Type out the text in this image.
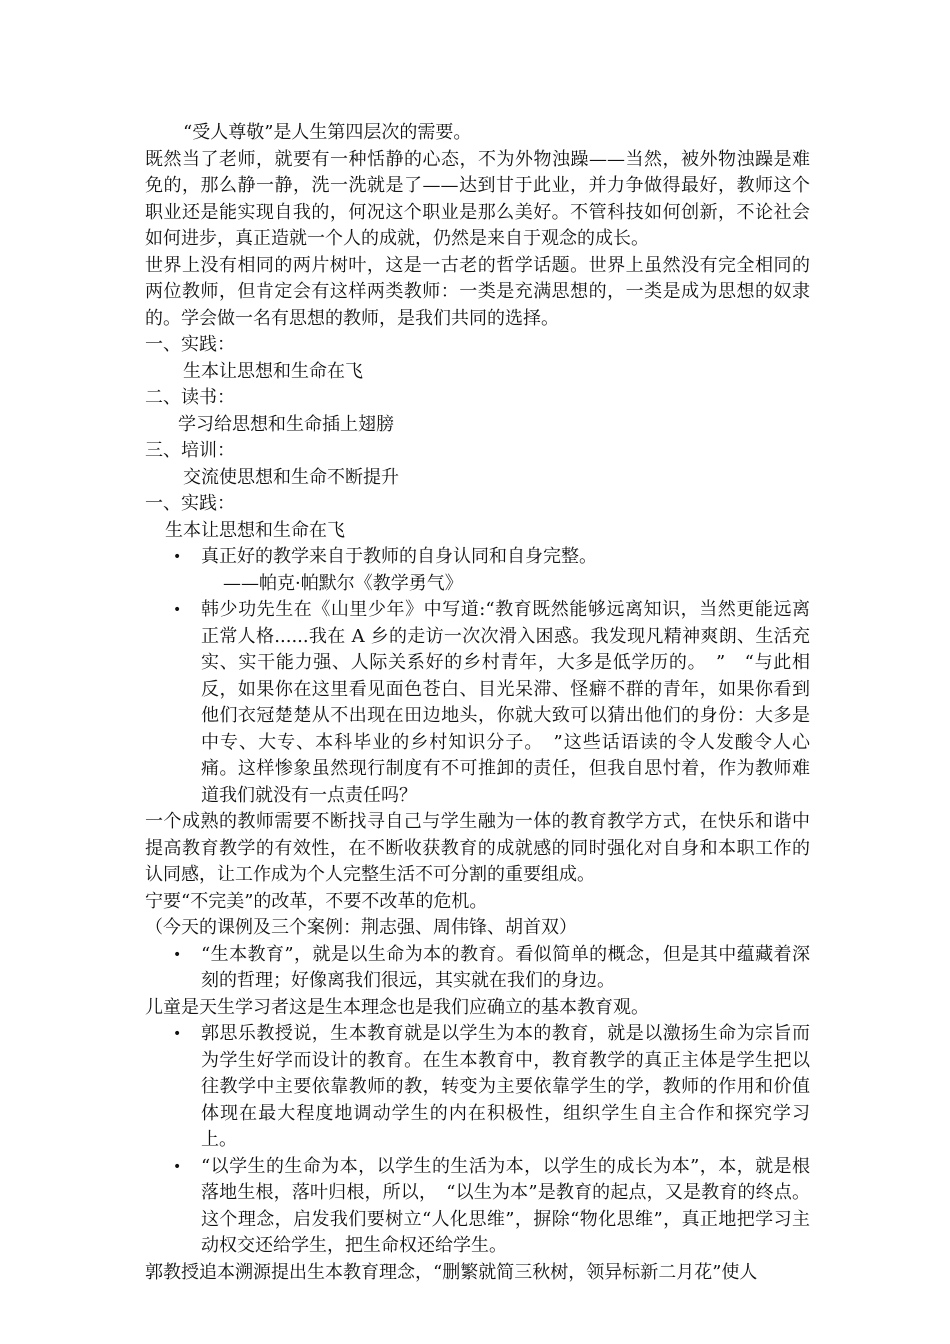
“受人尊敬”是人生第四层次的需要。
既然当了老师，就要有一种恬静的心态，不为外物浊躁——当然，被外物浊躁是难免的，那么静一静，洗一洗就是了——达到甘于此业，并力争做得最好，教师这个职业还是能实现自我的，何况这个职业是那么美好。不管科技如何创新，不论社会如何进步，真正造就一个人的成就，仍然是来自于观念的成长。
世界上没有相同的两片树叶，这是一古老的哲学话题。世界上虽然没有完全相同的两位教师，但肯定会有这样两类教师：一类是充满思想的，一类是成为思想的奴隶的。学会做一名有思想的教师，是我们共同的选择。
一、实践：
生本让思想和生命在飞
二、读书：
学习给思想和生命插上翅膀
三、培训：
交流使思想和生命不断提升
一、实践：
生本让思想和生命在飞
• 真正好的教学来自于教师的自身认同和自身完整。
——帕克·帕默尔《教学勇气》
• 韩少功先生在《山里少年》中写道:“教育既然能够远离知识，当然更能远离正常人格......我在 A 乡的走访一次次滑入困惑。我发现凡精神爽朗、生活充实、实干能力强、人际关系好的乡村青年，大多是低学历的。　”　“与此相反，如果你在这里看见面色苍白、目光呆滞、怪癖不群的青年，如果你看到他们衣冠楚楚从不出现在田边地头，你就大致可以猜出他们的身份：大多是中专、大专、本科毕业的乡村知识分子。　”这些话语读的令人发酸令人心痛。这样惨象虽然现行制度有不可推卸的责任，但我自思忖着，作为教师难道我们就没有一点责任吗？
一个成熟的教师需要不断找寻自己与学生融为一体的教育教学方式，在快乐和谐中提高教育教学的有效性，在不断收获教育的成就感的同时强化对自身和本职工作的认同感，让工作成为个人完整生活不可分割的重要组成。
宁要“不完美”的改革，不要不改革的危机。
（今天的课例及三个案例：荆志强、周伟锋、胡首双）
• “生本教育”，就是以生命为本的教育。看似简单的概念，但是其中蕴藏着深刻的哲理；好像离我们很远，其实就在我们的身边。
儿童是天生学习者这是生本理念也是我们应确立的基本教育观。
• 郭思乐教授说，生本教育就是以学生为本的教育，就是以激扬生命为宗旨而为学生好学而设计的教育。在生本教育中，教育教学的真正主体是学生把以往教学中主要依靠教师的教，转变为主要依靠学生的学，教师的作用和价值体现在最大程度地调动学生的内在积极性，组织学生自主合作和探究学习上。
• “以学生的生命为本，以学生的生活为本，以学生的成长为本”，本，就是根落地生根，落叶归根，所以，　“以生为本”是教育的起点，又是教育的终点。这个理念，启发我们要树立“人化思维”，摒除“物化思维”，真正地把学习主动权交还给学生，把生命权还给学生。
郭教授追本溯源提出生本教育理念，“删繁就简三秋树，领异标新二月花”使人
